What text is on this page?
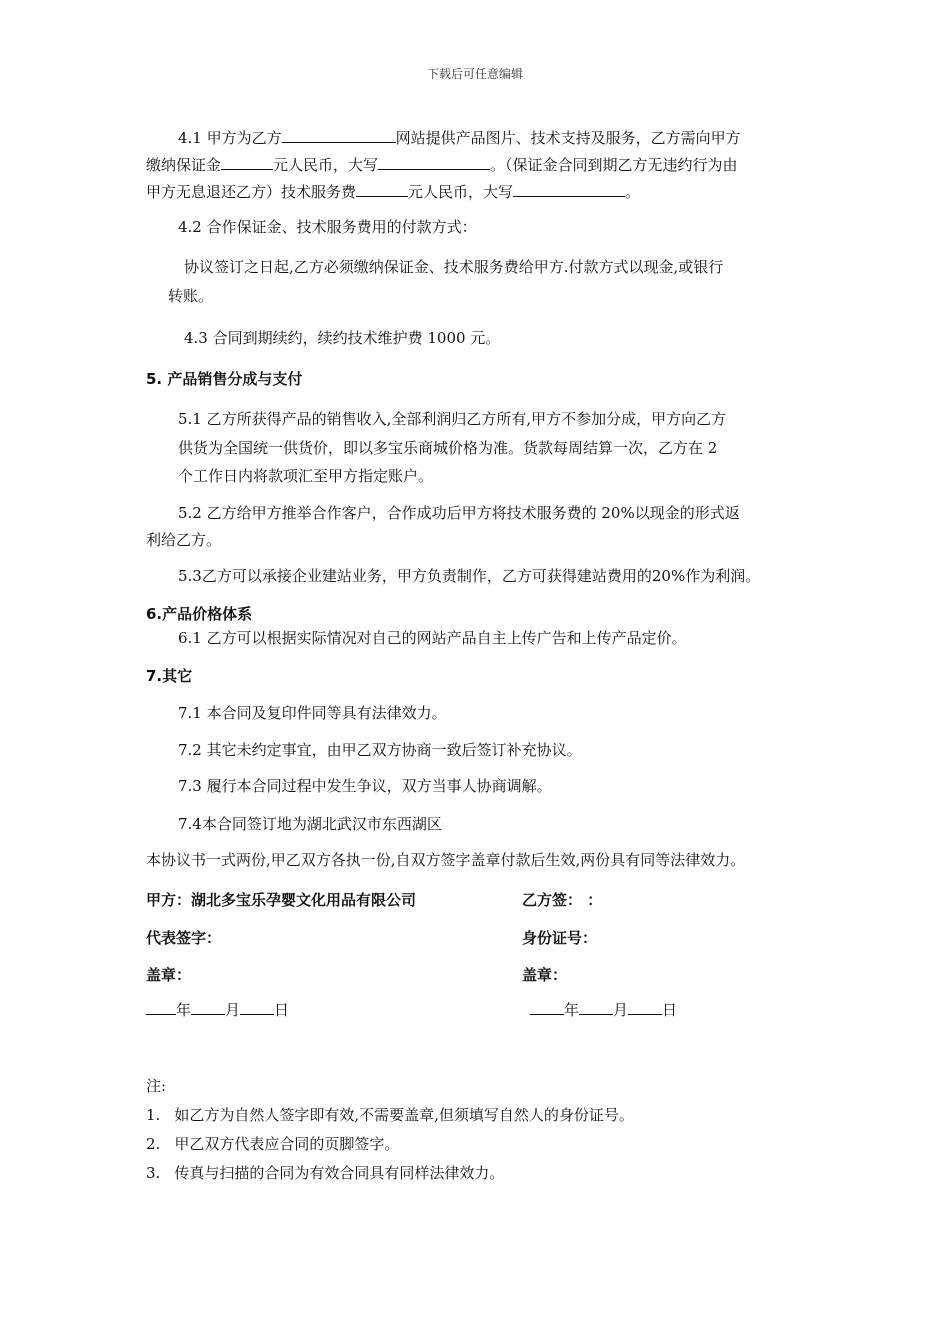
下载后可任意编辑
4.1 甲方为乙方	网站提供产品图片、技术支持及服务，乙方需向甲方
缴纳保证金	元人民币，大写	。（保证金合同到期乙方无违约行为由
甲方无息退还乙方）技术服务费	元人民币，大写	。
4.2 合作保证金、技术服务费用的付款方式：
协议签订之日起,乙方必须缴纳保证金、技术服务费给甲方.付款方式以现金,或银行
转账。
4.3 合同到期续约，续约技术维护费 1000 元。
5. 产品销售分成与支付
5.1 乙方所获得产品的销售收入,全部利润归乙方所有,甲方不参加分成，甲方向乙方
供货为全国统一供货价，即以多宝乐商城价格为准。货款每周结算一次，乙方在 2
个工作日内将款项汇至甲方指定账户。
5.2 乙方给甲方推举合作客户，合作成功后甲方将技术服务费的 20%以现金的形式返
利给乙方。
5.3乙方可以承接企业建站业务，甲方负责制作，乙方可获得建站费用的20%作为利润。
6.产品价格体系
6.1 乙方可以根据实际情况对自己的网站产品自主上传广告和上传产品定价。
7.其它
7.1 本合同及复印件同等具有法律效力。
7.2 其它未约定事宜，由甲乙双方协商一致后签订补充协议。
7.3 履行本合同过程中发生争议，双方当事人协商调解。
7.4本合同签订地为湖北武汉市东西湖区
本协议书一式两份,甲乙双方各执一份,自双方签字盖章付款后生效,两份具有同等法律效力。
甲方：湖北多宝乐孕婴文化用品有限公司	乙方签： ：
代表签字：	身份证号：
盖章：	盖章：
年 月 日	年 月 日
注:
1. 如乙方为自然人签字即有效,不需要盖章,但须填写自然人的身份证号。
2. 甲乙双方代表应合同的页脚签字。
3. 传真与扫描的合同为有效合同具有同样法律效力。
